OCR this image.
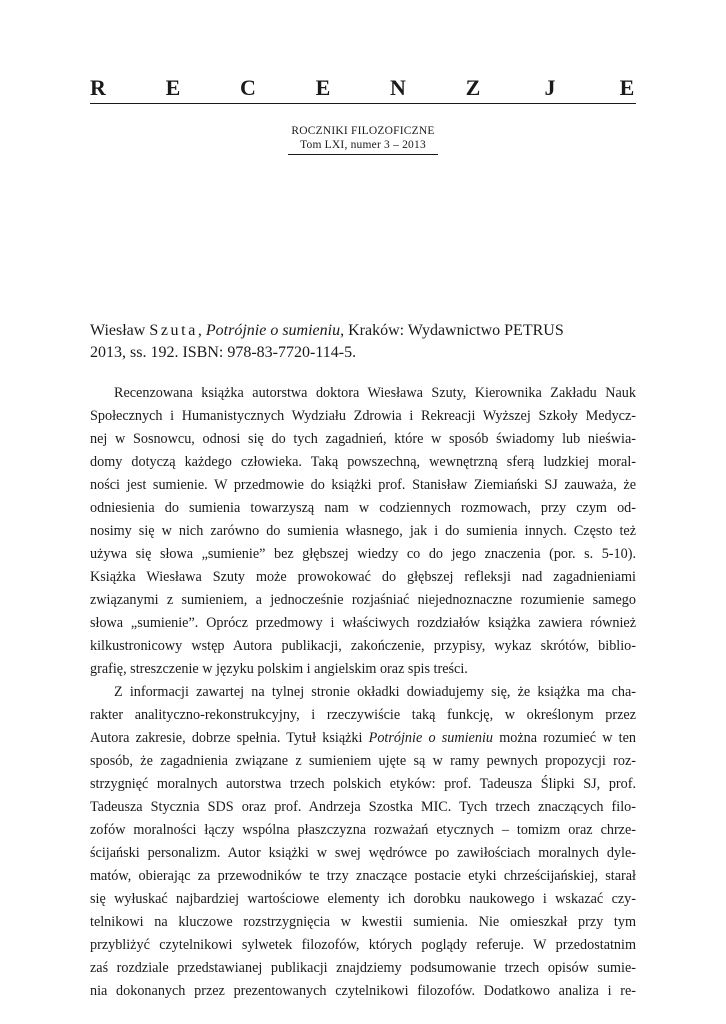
R	E	C	E	N	Z	J	E
ROCZNIKI FILOZOFICZNE
Tom LXI, numer 3 – 2013
Wiesław Szuta, Potrójnie o sumieniu, Kraków: Wydawnictwo PETRUS
2013, ss. 192. ISBN: 978-83-7720-114-5.
Recenzowana książka autorstwa doktora Wiesława Szuty, Kierownika Zakładu Nauk
Społecznych i Humanistycznych Wydziału Zdrowia i Rekreacji Wyższej Szkoły Medycz-
nej w Sosnowcu, odnosi się do tych zagadnień, które w sposób świadomy lub nieświa-
domy dotyczą każdego człowieka. Taką powszechną, wewnętrzną sferą ludzkiej moral-
ności jest sumienie. W przedmowie do książki prof. Stanisław Ziemiański SJ zauważa, że
odniesienia do sumienia towarzyszą nam w codziennych rozmowach, przy czym od-
nosimy się w nich zarówno do sumienia własnego, jak i do sumienia innych. Często też
używa się słowa „sumienie” bez głębszej wiedzy co do jego znaczenia (por. s. 5-10).
Książka Wiesława Szuty może prowokować do głębszej refleksji nad zagadnieniami
związanymi z sumieniem, a jednocześnie rozjaśniać niejednoznaczne rozumienie samego
słowa „sumienie”. Oprócz przedmowy i właściwych rozdziałów książka zawiera również
kilkustronicowy wstęp Autora publikacji, zakończenie, przypisy, wykaz skrótów, biblio-
grafię, streszczenie w języku polskim i angielskim oraz spis treści.
Z informacji zawartej na tylnej stronie okładki dowiadujemy się, że książka ma cha-
rakter analityczno-rekonstrukcyjny, i rzeczywiście taką funkcję, w określonym przez
Autora zakresie, dobrze spełnia. Tytuł książki Potrójnie o sumieniu można rozumieć w ten
sposób, że zagadnienia związane z sumieniem ujęte są w ramy pewnych propozycji roz-
strzygnięć moralnych autorstwa trzech polskich etyków: prof. Tadeusza Ślipki SJ, prof.
Tadeusza Stycznia SDS oraz prof. Andrzeja Szostka MIC. Tych trzech znaczących filo-
zofów moralności łączy wspólna płaszczyzna rozważań etycznych – tomizm oraz chrze-
ścijański personalizm. Autor książki w swej wędrówce po zawiłościach moralnych dyle-
matów, obierając za przewodników te trzy znaczące postacie etyki chrześcijańskiej, starał
się wyłuskać najbardziej wartościowe elementy ich dorobku naukowego i wskazać czy-
telnikowi na kluczowe rozstrzygnięcia w kwestii sumienia. Nie omieszkał przy tym
przybliżyć czytelnikowi sylwetek filozofów, których poglądy referuje. W przedostatnim
zaś rozdziale przedstawianej publikacji znajdziemy podsumowanie trzech opisów sumie-
nia dokonanych przez prezentowanych czytelnikowi filozofów. Dodatkowo analiza i re-
